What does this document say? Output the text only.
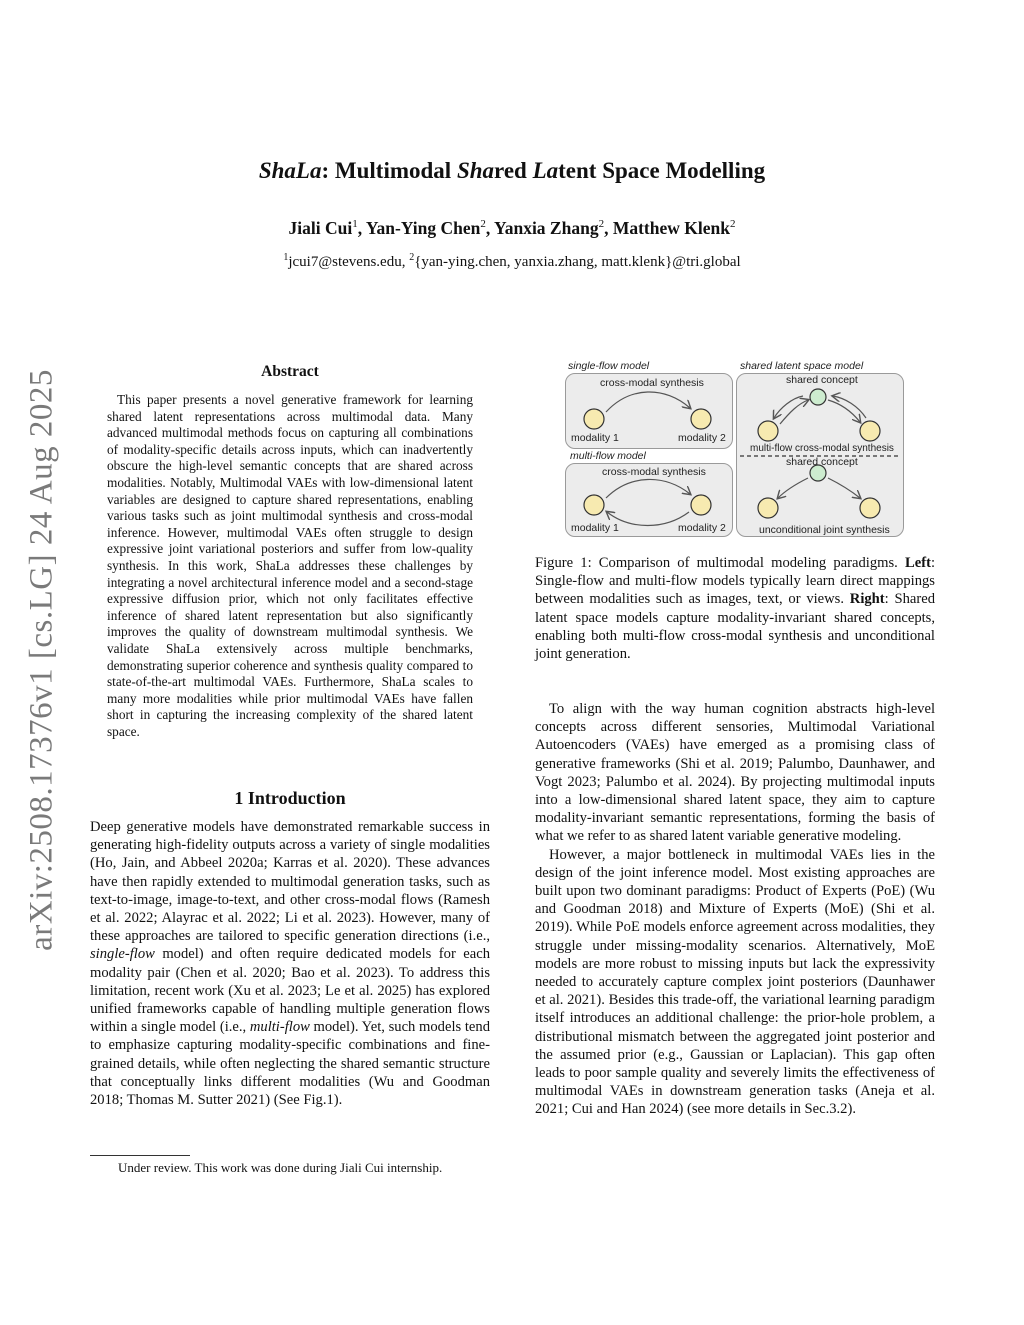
arXiv:2508.17376v1 [cs.LG] 24 Aug 2025
ShaLa: Multimodal Shared Latent Space Modelling
Jiali Cui$^1$, Yan-Ying Chen$^2$, Yanxia Zhang$^2$, Matthew Klenk$^2$
$^1$jcui7@stevens.edu, $^2${yan-ying.chen, yanxia.zhang, matt.klenk}@tri.global
Abstract
This paper presents a novel generative framework for learning shared latent representations across multimodal data. Many advanced multimodal methods focus on capturing all combinations of modality-specific details across inputs, which can inadvertently obscure the high-level semantic concepts that are shared across modalities. Notably, Multimodal VAEs with low-dimensional latent variables are designed to capture shared representations, enabling various tasks such as joint multimodal synthesis and cross-modal inference. However, multimodal VAEs often struggle to design expressive joint variational posteriors and suffer from low-quality synthesis. In this work, ShaLa addresses these challenges by integrating a novel architectural inference model and a second-stage expressive diffusion prior, which not only facilitates effective inference of shared latent representation but also significantly improves the quality of downstream multimodal synthesis. We validate ShaLa extensively across multiple benchmarks, demonstrating superior coherence and synthesis quality compared to state-of-the-art multimodal VAEs. Furthermore, ShaLa scales to many more modalities while prior multimodal VAEs have fallen short in capturing the increasing complexity of the shared latent space.
1 Introduction

Deep generative models have demonstrated remarkable success in generating high-fidelity outputs across a variety of single modalities (Ho, Jain, and Abbeel 2020a; Karras et al. 2020). These advances have then rapidly extended to multimodal generation tasks, such as text-to-image, image-to-text, and other cross-modal flows (Ramesh et al. 2022; Alayrac et al. 2022; Li et al. 2023). However, many of these approaches are tailored to specific generation directions (i.e., single-flow model) and often require dedicated models for each modality pair (Chen et al. 2020; Bao et al. 2023). To address this limitation, recent work (Xu et al. 2023; Le et al. 2025) has explored unified frameworks capable of handling multiple generation flows within a single model (i.e., multi-flow model). Yet, such models tend to emphasize capturing modality-specific combinations and fine-grained details, while often neglecting the shared semantic structure that conceptually links different modalities (Wu and Goodman 2018; Thomas M. Sutter 2021) (See Fig.1).

Under review. This work was done during Jiali Cui internship.
single-flow model	shared latent space model
multi-flow model
cross-modal synthesis
modality 1	modality 2
cross-modal synthesis
modality 1	modality 2
shared concept
multi-flow cross-modal synthesis
shared concept
unconditional joint synthesis
Figure 1: Comparison of multimodal modeling paradigms. Left: Single-flow and multi-flow models typically learn direct mappings between modalities such as images, text, or views. Right: Shared latent space models capture modality-invariant shared concepts, enabling both multi-flow cross-modal synthesis and unconditional joint generation.

To align with the way human cognition abstracts high-level concepts across different sensories, Multimodal Variational Autoencoders (VAEs) have emerged as a promising class of generative frameworks (Shi et al. 2019; Palumbo, Daunhawer, and Vogt 2023; Palumbo et al. 2024). By projecting multimodal inputs into a low-dimensional shared latent space, they aim to capture modality-invariant semantic representations, forming the basis of what we refer to as shared latent variable generative modeling.

However, a major bottleneck in multimodal VAEs lies in the design of the joint inference model. Most existing approaches are built upon two dominant paradigms: Product of Experts (PoE) (Wu and Goodman 2018) and Mixture of Experts (MoE) (Shi et al. 2019). While PoE models enforce agreement across modalities, they struggle under missing-modality scenarios. Alternatively, MoE models are more robust to missing inputs but lack the expressivity needed to accurately capture complex joint posteriors (Daunhawer et al. 2021). Besides this trade-off, the variational learning paradigm itself introduces an additional challenge: the prior-hole problem, a distributional mismatch between the aggregated joint posterior and the assumed prior (e.g., Gaussian or Laplacian). This gap often leads to poor sample quality and severely limits the effectiveness of multimodal VAEs in downstream generation tasks (Aneja et al. 2021; Cui and Han 2024) (see more details in Sec.3.2).
